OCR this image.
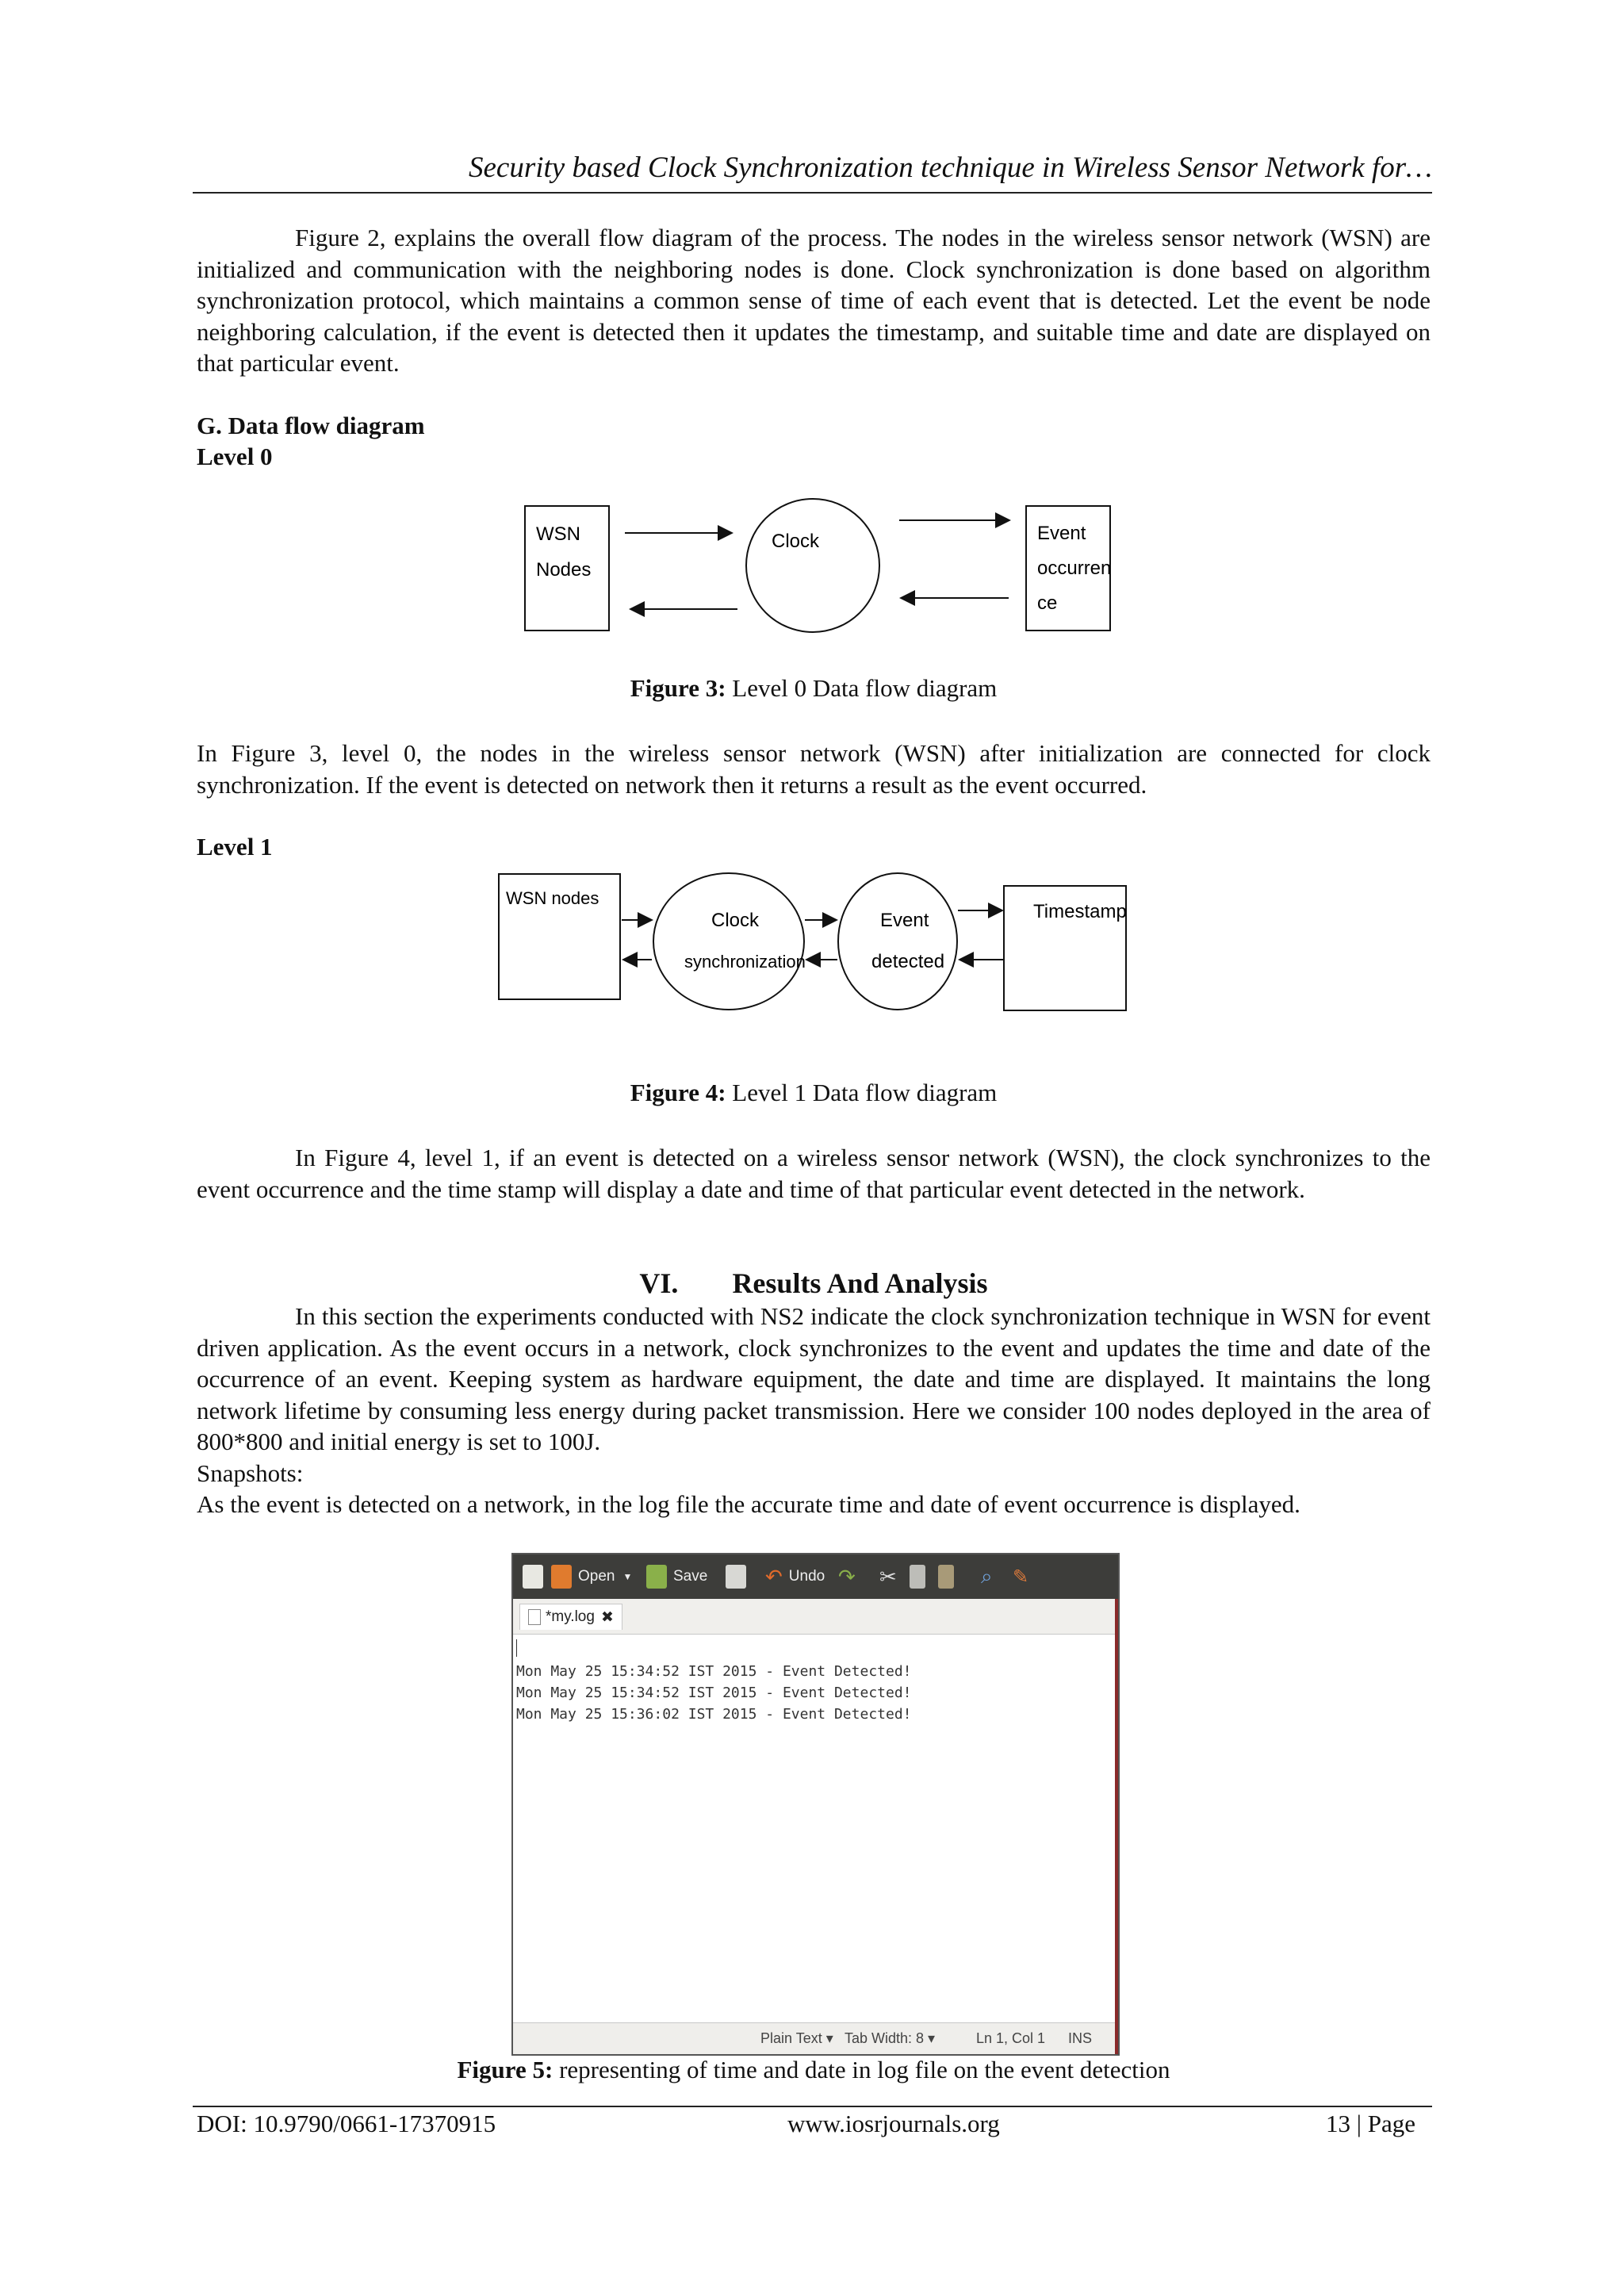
Security based Clock Synchronization technique in Wireless Sensor Network for…

Figure 2, explains the overall flow diagram of the process. The nodes in the wireless sensor network (WSN) are initialized and communication with the neighboring nodes is done. Clock synchronization is done based on algorithm synchronization protocol, which maintains a common sense of time of each event that is detected. Let the event be node neighboring calculation, if the event is detected then it updates the timestamp, and suitable time and date are displayed on that particular event.

G. Data flow diagram
Level 0
WSN
Nodes
Clock	Event
occurren
ce
Figure 3: Level 0 Data flow diagram

In Figure 3, level 0, the nodes in the wireless sensor network (WSN) after initialization are connected for clock synchronization. If the event is detected on network then it returns a result as the event occurred.

Level 1
WSN nodes
Clock
synchronization
Event
detected
Timestamp
Figure 4: Level 1 Data flow diagram

In Figure 4, level 1, if an event is detected on a wireless sensor network (WSN), the clock synchronizes to the event occurrence and the time stamp will display a date and time of that particular event detected in the network.

VI. Results And Analysis

In this section the experiments conducted with NS2 indicate the clock synchronization technique in WSN for event driven application. As the event occurs in a network, clock synchronizes to the event and updates the time and date of the occurrence of an event. Keeping system as hardware equipment, the date and time are displayed. It maintains the long network lifetime by consuming less energy during packet transmission. Here we consider 100 nodes deployed in the area of 800*800 and initial energy is set to 100J.

Snapshots:

As the event is detected on a network, in the log file the accurate time and date of event occurrence is displayed.

Open ▼	Save	↶ Undo ↷ ✂	⌕ ✎
*my.log ✖
Mon May 25 15:34:52 IST 2015 - Event Detected!
Mon May 25 15:34:52 IST 2015 - Event Detected!
Mon May 25 15:36:02 IST 2015 - Event Detected!
Plain Text ▾ Tab Width: 8 ▾	Ln 1, Col 1 INS
Figure 5: representing of time and date in log file on the event detection
DOI: 10.9790/0661-17370915	www.iosrjournals.org	13 | Page
